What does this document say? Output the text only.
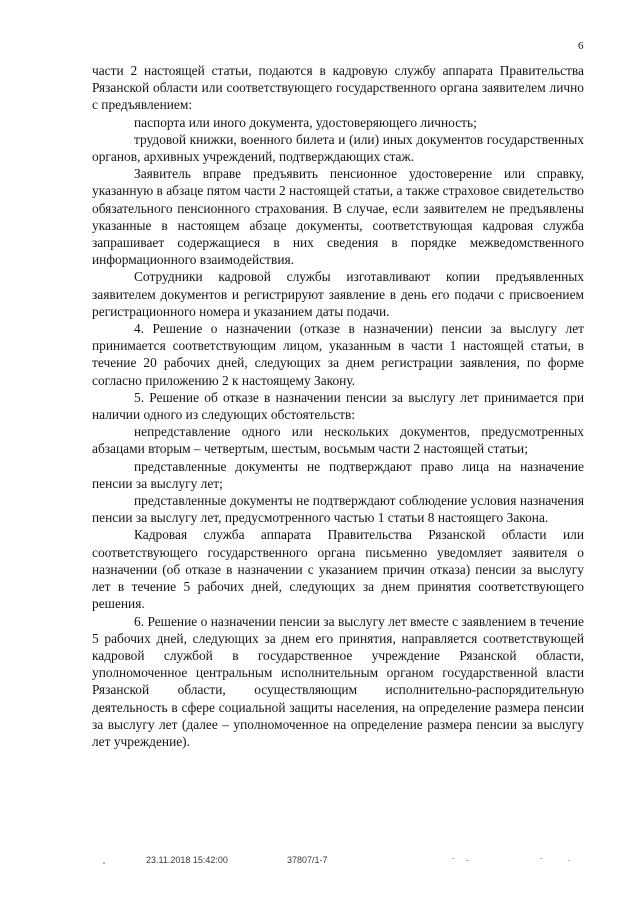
6

части 2 настоящей статьи, подаются в кадровую службу аппарата Правительства Рязанской области или соответствующего государственного органа заявителем лично с предъявлением:

паспорта или иного документа, удостоверяющего личность;

трудовой книжки, военного билета и (или) иных документов государственных органов, архивных учреждений, подтверждающих стаж.

Заявитель вправе предъявить пенсионное удостоверение или справку, указанную в абзаце пятом части 2 настоящей статьи, а также страховое свидетельство обязательного пенсионного страхования. В случае, если заявителем не предъявлены указанные в настоящем абзаце документы, соответствующая кадровая служба запрашивает содержащиеся в них сведения в порядке межведомственного информационного взаимодействия.

Сотрудники кадровой службы изготавливают копии предъявленных заявителем документов и регистрируют заявление в день его подачи с присвоением регистрационного номера и указанием даты подачи.

4. Решение о назначении (отказе в назначении) пенсии за выслугу лет принимается соответствующим лицом, указанным в части 1 настоящей статьи, в течение 20 рабочих дней, следующих за днем регистрации заявления, по форме согласно приложению 2 к настоящему Закону.

5. Решение об отказе в назначении пенсии за выслугу лет принимается при наличии одного из следующих обстоятельств:

непредставление одного или нескольких документов, предусмотренных абзацами вторым – четвертым, шестым, восьмым части 2 настоящей статьи;

представленные документы не подтверждают право лица на назначение пенсии за выслугу лет;

представленные документы не подтверждают соблюдение условия назначения пенсии за выслугу лет, предусмотренного частью 1 статьи 8 настоящего Закона.

Кадровая служба аппарата Правительства Рязанской области или соответствующего государственного органа письменно уведомляет заявителя о назначении (об отказе в назначении с указанием причин отказа) пенсии за выслугу лет в течение 5 рабочих дней, следующих за днем принятия соответствующего решения.

6. Решение о назначении пенсии за выслугу лет вместе с заявлением в течение 5 рабочих дней, следующих за днем его принятия, направляется соответствующей кадровой службой в государственное учреждение Рязанской области, уполномоченное центральным исполнительным органом государственной власти Рязанской области, осуществляющим исполнительно-распорядительную деятельность в сфере социальной защиты населения, на определение размера пенсии за выслугу лет (далее – уполномоченное на определение размера пенсии за выслугу лет учреждение).

23.11.2018 15:42:00	37807/1-7
